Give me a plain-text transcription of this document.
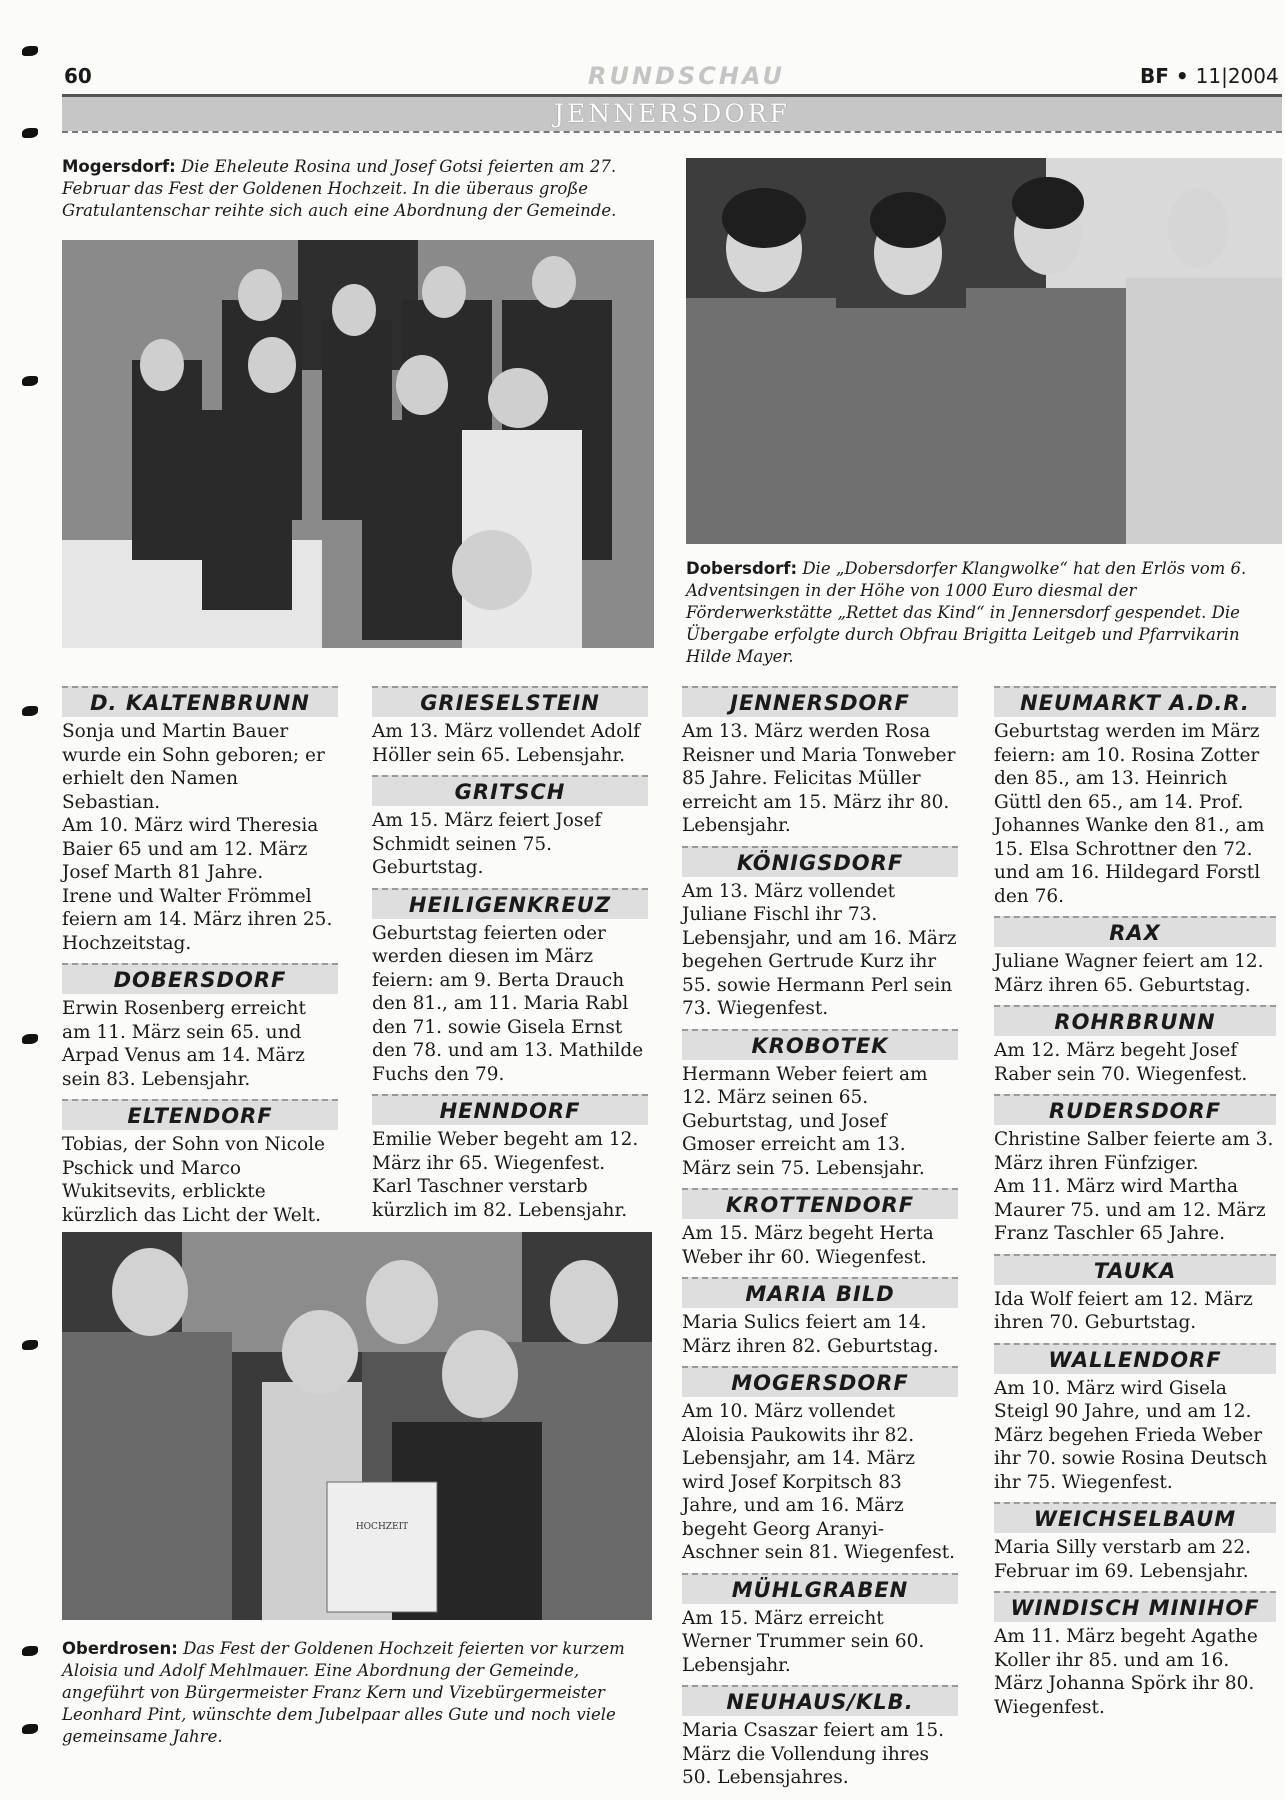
60	RUNDSCHAU	BF • 11|2004
JENNERSDORF
Mogersdorf: Die Eheleute Rosina und Josef Gotsi feierten am 27. Februar das Fest der Goldenen Hochzeit. In die überaus große Gratulantenschar reihte sich auch eine Abordnung der Gemeinde.
Dobersdorf: Die „Dobersdorfer Klangwolke“ hat den Erlös vom 6. Adventsingen in der Höhe von 1000 Euro diesmal der Förderwerkstätte „Rettet das Kind“ in Jennersdorf gespendet. Die Übergabe erfolgte durch Obfrau Brigitta Leitgeb und Pfarrvikarin Hilde Mayer.
D. KALTENBRUNN
Sonja und Martin Bauer wurde ein Sohn geboren; er erhielt den Namen Sebastian.
Am 10. März wird Theresia Baier 65 und am 12. März Josef Marth 81 Jahre.
Irene und Walter Frömmel feiern am 14. März ihren 25. Hochzeitstag.
DOBERSDORF
Erwin Rosenberg erreicht am 11. März sein 65. und Arpad Venus am 14. März sein 83. Lebensjahr.
ELTENDORF
Tobias, der Sohn von Nicole Pschick und Marco Wukitsevits, erblickte kürzlich das Licht der Welt.
GRIESELSTEIN
Am 13. März vollendet Adolf Höller sein 65. Lebensjahr.
GRITSCH
Am 15. März feiert Josef Schmidt seinen 75. Geburtstag.
HEILIGENKREUZ
Geburtstag feierten oder werden diesen im März feiern: am 9. Berta Drauch den 81., am 11. Maria Rabl den 71. sowie Gisela Ernst den 78. und am 13. Mathilde Fuchs den 79.
HENNDORF
Emilie Weber begeht am 12. März ihr 65. Wiegenfest.
Karl Taschner verstarb kürzlich im 82. Lebensjahr.
JENNERSDORF
Am 13. März werden Rosa Reisner und Maria Tonweber 85 Jahre. Felicitas Müller erreicht am 15. März ihr 80. Lebensjahr.
KÖNIGSDORF
Am 13. März vollendet Juliane Fischl ihr 73. Lebensjahr, und am 16. März begehen Gertrude Kurz ihr 55. sowie Hermann Perl sein 73. Wiegenfest.
KROBOTEK
Hermann Weber feiert am 12. März seinen 65. Geburtstag, und Josef Gmoser erreicht am 13. März sein 75. Lebensjahr.
KROTTENDORF
Am 15. März begeht Herta Weber ihr 60. Wiegenfest.
MARIA BILD
Maria Sulics feiert am 14. März ihren 82. Geburtstag.
MOGERSDORF
Am 10. März vollendet Aloisia Paukowits ihr 82. Lebensjahr, am 14. März wird Josef Korpitsch 83 Jahre, und am 16. März begeht Georg Aranyi-Aschner sein 81. Wiegenfest.
MÜHLGRABEN
Am 15. März erreicht Werner Trummer sein 60. Lebensjahr.
NEUHAUS/KLB.
Maria Csaszar feiert am 15. März die Vollendung ihres 50. Lebensjahres.
NEUMARKT A.D.R.
Geburtstag werden im März feiern: am 10. Rosina Zotter den 85., am 13. Heinrich Güttl den 65., am 14. Prof. Johannes Wanke den 81., am 15. Elsa Schrottner den 72. und am 16. Hildegard Forstl den 76.
RAX
Juliane Wagner feiert am 12. März ihren 65. Geburtstag.
ROHRBRUNN
Am 12. März begeht Josef Raber sein 70. Wiegenfest.
RUDERSDORF
Christine Salber feierte am 3. März ihren Fünfziger.
Am 11. März wird Martha Maurer 75. und am 12. März Franz Taschler 65 Jahre.
TAUKA
Ida Wolf feiert am 12. März ihren 70. Geburtstag.
WALLENDORF
Am 10. März wird Gisela Steigl 90 Jahre, und am 12. März begehen Frieda Weber ihr 70. sowie Rosina Deutsch ihr 75. Wiegenfest.
WEICHSELBAUM
Maria Silly verstarb am 22. Februar im 69. Lebensjahr.
WINDISCH MINIHOF
Am 11. März begeht Agathe Koller ihr 85. und am 16. März Johanna Spörk ihr 80. Wiegenfest.
HOCHZEIT
Oberdrosen: Das Fest der Goldenen Hochzeit feierten vor kurzem Aloisia und Adolf Mehlmauer. Eine Abordnung der Gemeinde, angeführt von Bürgermeister Franz Kern und Vizebürgermeister Leonhard Pint, wünschte dem Jubelpaar alles Gute und noch viele gemeinsame Jahre.
